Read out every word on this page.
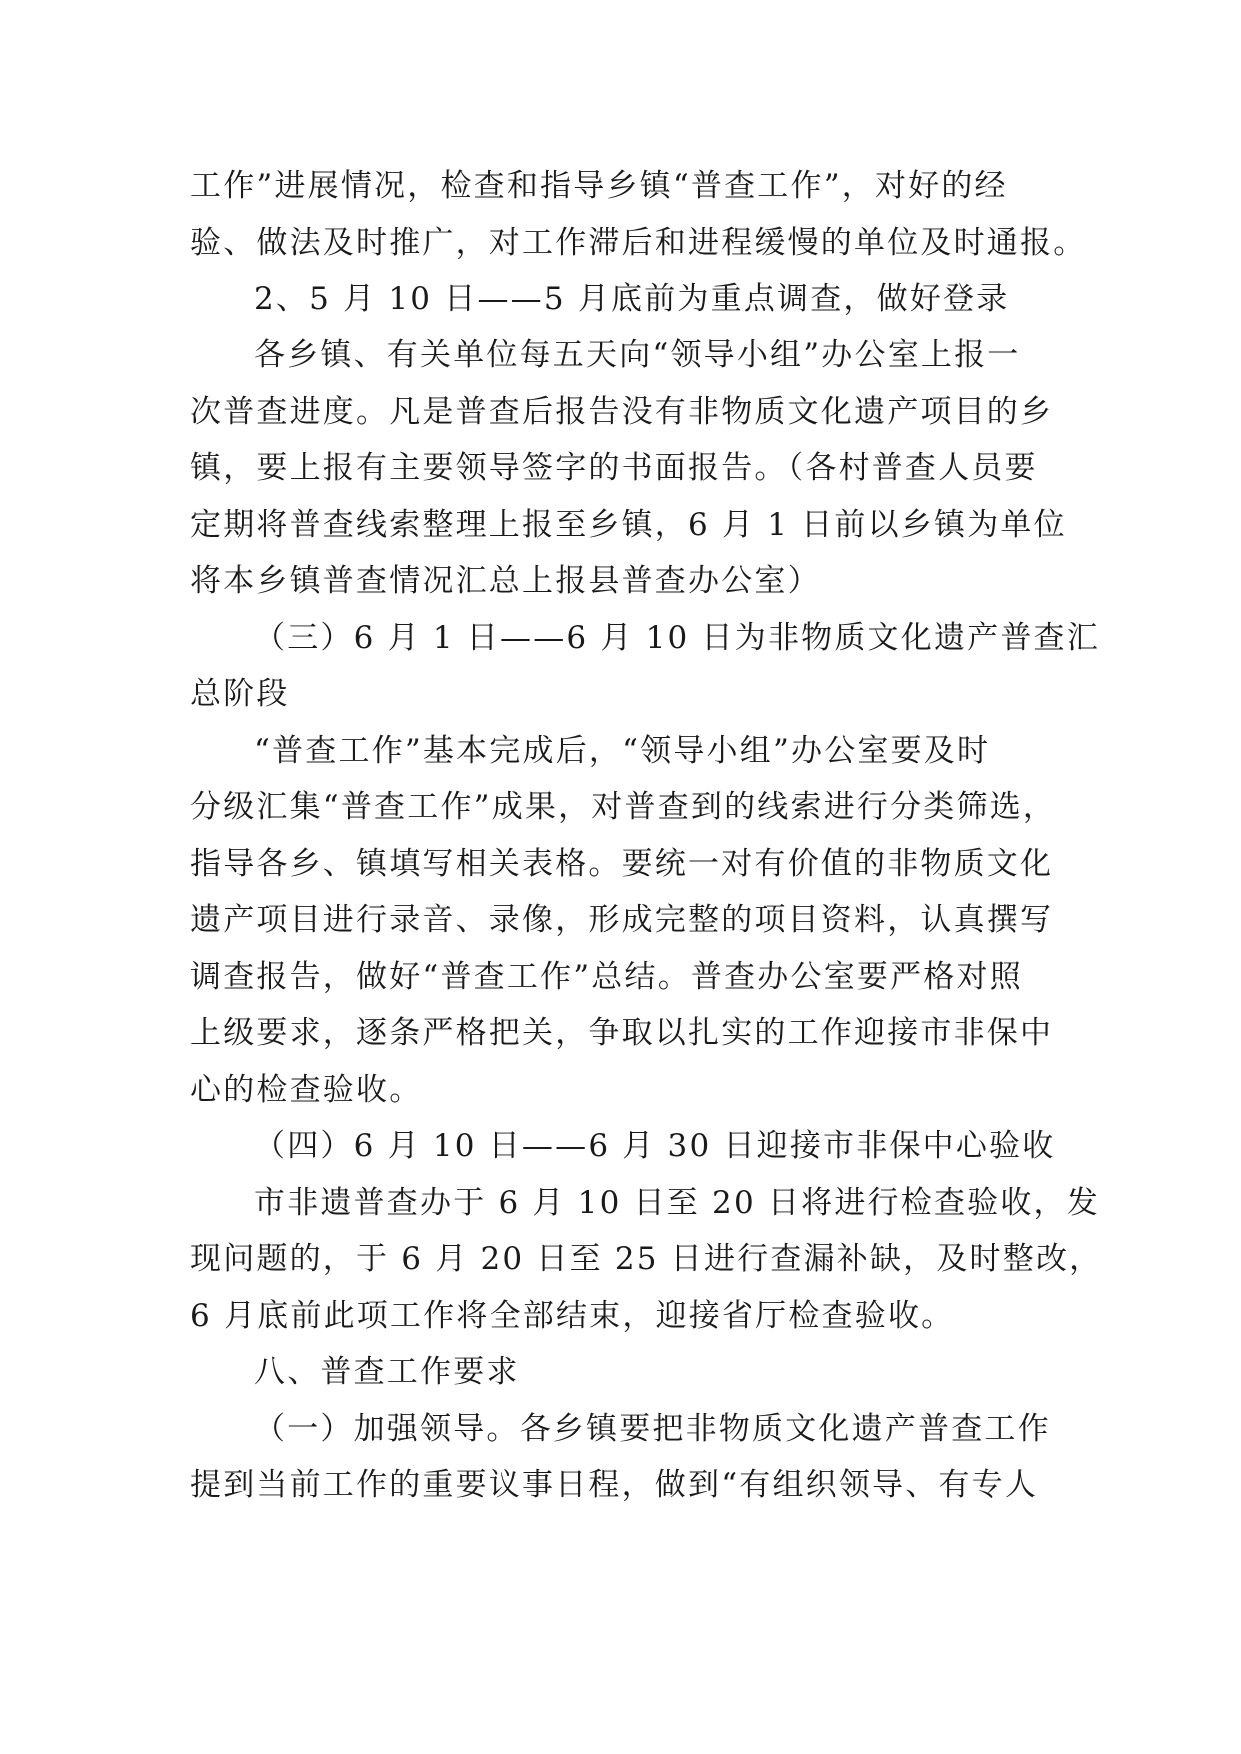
工作”进展情况，检查和指导乡镇“普查工作”，对好的经
验、做法及时推广，对工作滞后和进程缓慢的单位及时通报。
2、5 月 10 日——5 月底前为重点调查，做好登录
各乡镇、有关单位每五天向“领导小组”办公室上报一
次普查进度。凡是普查后报告没有非物质文化遗产项目的乡
镇，要上报有主要领导签字的书面报告。（各村普查人员要
定期将普查线索整理上报至乡镇，6 月 1 日前以乡镇为单位
将本乡镇普查情况汇总上报县普查办公室）
（三）6 月 1 日——6 月 10 日为非物质文化遗产普查汇
总阶段
“普查工作”基本完成后，“领导小组”办公室要及时
分级汇集“普查工作”成果，对普查到的线索进行分类筛选，
指导各乡、镇填写相关表格。要统一对有价值的非物质文化
遗产项目进行录音、录像，形成完整的项目资料，认真撰写
调查报告，做好“普查工作”总结。普查办公室要严格对照
上级要求，逐条严格把关，争取以扎实的工作迎接市非保中
心的检查验收。
（四）6 月 10 日——6 月 30 日迎接市非保中心验收
市非遗普查办于 6 月 10 日至 20 日将进行检查验收，发
现问题的，于 6 月 20 日至 25 日进行查漏补缺，及时整改，
6 月底前此项工作将全部结束，迎接省厅检查验收。
八、普查工作要求
（一）加强领导。各乡镇要把非物质文化遗产普查工作
提到当前工作的重要议事日程，做到“有组织领导、有专人
